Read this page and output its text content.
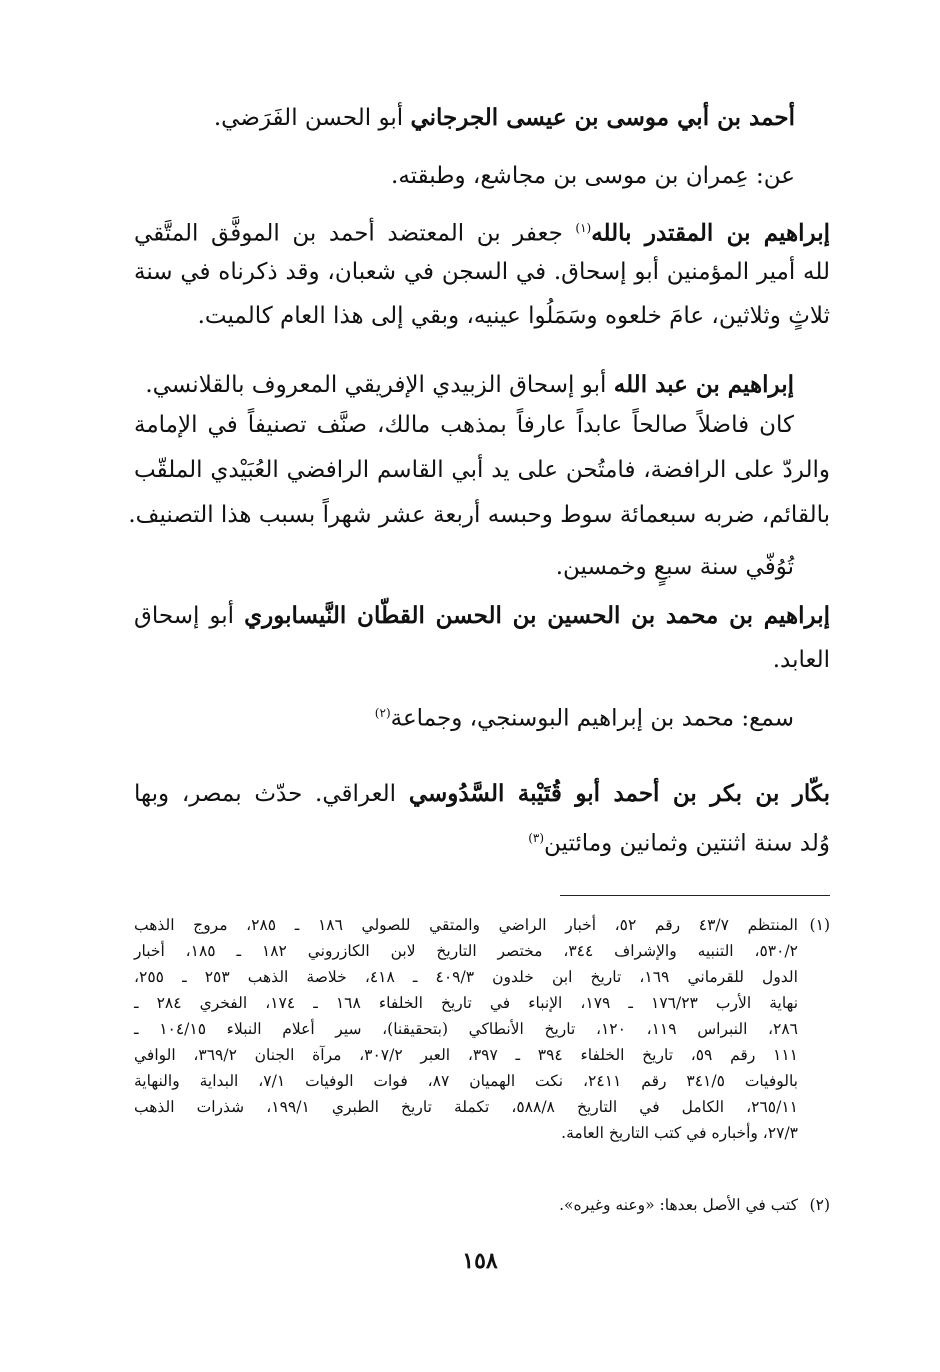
أحمد بن أبي موسى بن عيسى الجرجاني أبو الحسن الفَرَضي.
عن: عِمران بن موسى بن مجاشع، وطبقته.
إبراهيم بن المقتدر بالله$^{(١)}$ جعفر بن المعتضد أحمد بن الموفَّق المتَّقي
لله أمير المؤمنين أبو إسحاق. في السجن في شعبان، وقد ذكرناه في سنة
ثلاثٍ وثلاثين، عامَ خلعوه وسَمَلُوا عينيه، وبقي إلى هذا العام كالميت.
إبراهيم بن عبد الله أبو إسحاق الزبيدي الإفريقي المعروف بالقلانسي.
كان فاضلاً صالحاً عابداً عارفاً بمذهب مالك، صنَّف تصنيفاً في الإمامة
والردّ على الرافضة، فامتُحن على يد أبي القاسم الرافضي العُبَيْدي الملقّب
بالقائم، ضربه سبعمائة سوط وحبسه أربعة عشر شهراً بسبب هذا التصنيف.
تُوُفّي سنة سبعٍ وخمسين.
إبراهيم بن محمد بن الحسين بن الحسن القطّان النَّيسابوري أبو إسحاق
العابد.
سمع: محمد بن إبراهيم البوسنجي، وجماعة$^{(٢)}$
بكّار بن بكر بن أحمد أبو قُتَيْبة السَّدُوسي العراقي. حدّث بمصر، وبها
وُلد سنة اثنتين وثمانين ومائتين$^{(٣)}$
(١)
المنتظم ٤٣/٧ رقم ٥٢، أخبار الراضي والمتقي للصولي ١٨٦ ـ ٢٨٥، مروج الذهب
٥٣٠/٢، التنبيه والإشراف ٣٤٤، مختصر التاريخ لابن الكازروني ١٨٢ ـ ١٨٥، أخبار
الدول للقرماني ١٦٩، تاريخ ابن خلدون ٤٠٩/٣ ـ ٤١٨، خلاصة الذهب ٢٥٣ ـ ٢٥٥،
نهاية الأرب ١٧٦/٢٣ ـ ١٧٩، الإنباء في تاريخ الخلفاء ١٦٨ ـ ١٧٤، الفخري ٢٨٤ ـ
٢٨٦، النبراس ١١٩، ١٢٠، تاريخ الأنطاكي (بتحقيقنا)، سير أعلام النبلاء ١٠٤/١٥ ـ
١١١ رقم ٥٩، تاريخ الخلفاء ٣٩٤ ـ ٣٩٧، العبر ٣٠٧/٢، مرآة الجنان ٣٦٩/٢، الوافي
بالوفيات ٣٤١/٥ رقم ٢٤١١، نكت الهميان ٨٧، فوات الوفيات ٧/١، البداية والنهاية
٢٦٥/١١، الكامل في التاريخ ٥٨٨/٨، تكملة تاريخ الطبري ١٩٩/١، شذرات الذهب
٢٧/٣، وأخباره في كتب التاريخ العامة.
(٢)
كتب في الأصل بعدها: «وعنه وغيره».
١٥٨
